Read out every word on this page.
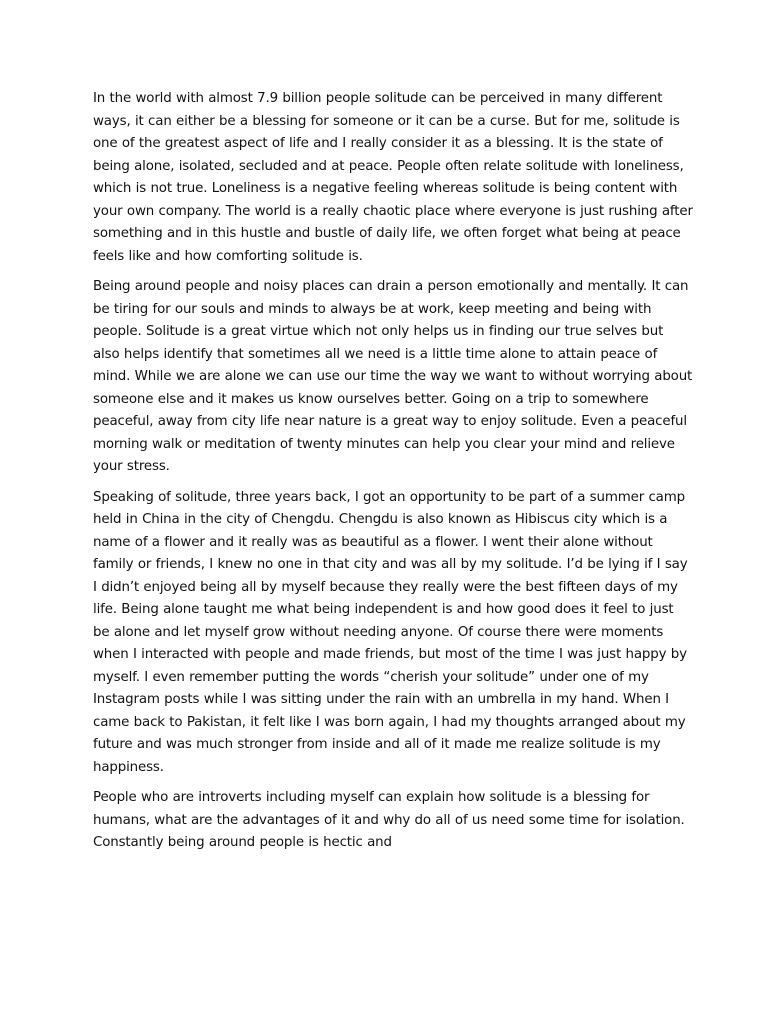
In the world with almost 7.9 billion people solitude can be perceived in many different ways, it can either be a blessing for someone or it can be a curse. But for me, solitude is one of the greatest aspect of life and I really consider it as a blessing. It is the state of being alone, isolated, secluded and at peace. People often relate solitude with loneliness, which is not true. Loneliness is a negative feeling whereas solitude is being content with your own company. The world is a really chaotic place where everyone is just rushing after something and in this hustle and bustle of daily life, we often forget what being at peace feels like and how comforting solitude is.

Being around people and noisy places can drain a person emotionally and mentally. It can be tiring for our souls and minds to always be at work, keep meeting and being with people. Solitude is a great virtue which not only helps us in finding our true selves but also helps identify that sometimes all we need is a little time alone to attain peace of mind. While we are alone we can use our time the way we want to without worrying about someone else and it makes us know ourselves better. Going on a trip to somewhere peaceful, away from city life near nature is a great way to enjoy solitude. Even a peaceful morning walk or meditation of twenty minutes can help you clear your mind and relieve your stress.

Speaking of solitude, three years back, I got an opportunity to be part of a summer camp held in China in the city of Chengdu. Chengdu is also known as Hibiscus city which is a name of a flower and it really was as beautiful as a flower. I went their alone without family or friends, I knew no one in that city and was all by my solitude. I’d be lying if I say I didn’t enjoyed being all by myself because they really were the best fifteen days of my life. Being alone taught me what being independent is and how good does it feel to just be alone and let myself grow without needing anyone. Of course there were moments when I interacted with people and made friends, but most of the time I was just happy by myself. I even remember putting the words “cherish your solitude” under one of my Instagram posts while I was sitting under the rain with an umbrella in my hand. When I came back to Pakistan, it felt like I was born again, I had my thoughts arranged about my future and was much stronger from inside and all of it made me realize solitude is my happiness.

People who are introverts including myself can explain how solitude is a blessing for humans, what are the advantages of it and why do all of us need some time for isolation. Constantly being around people is hectic and
